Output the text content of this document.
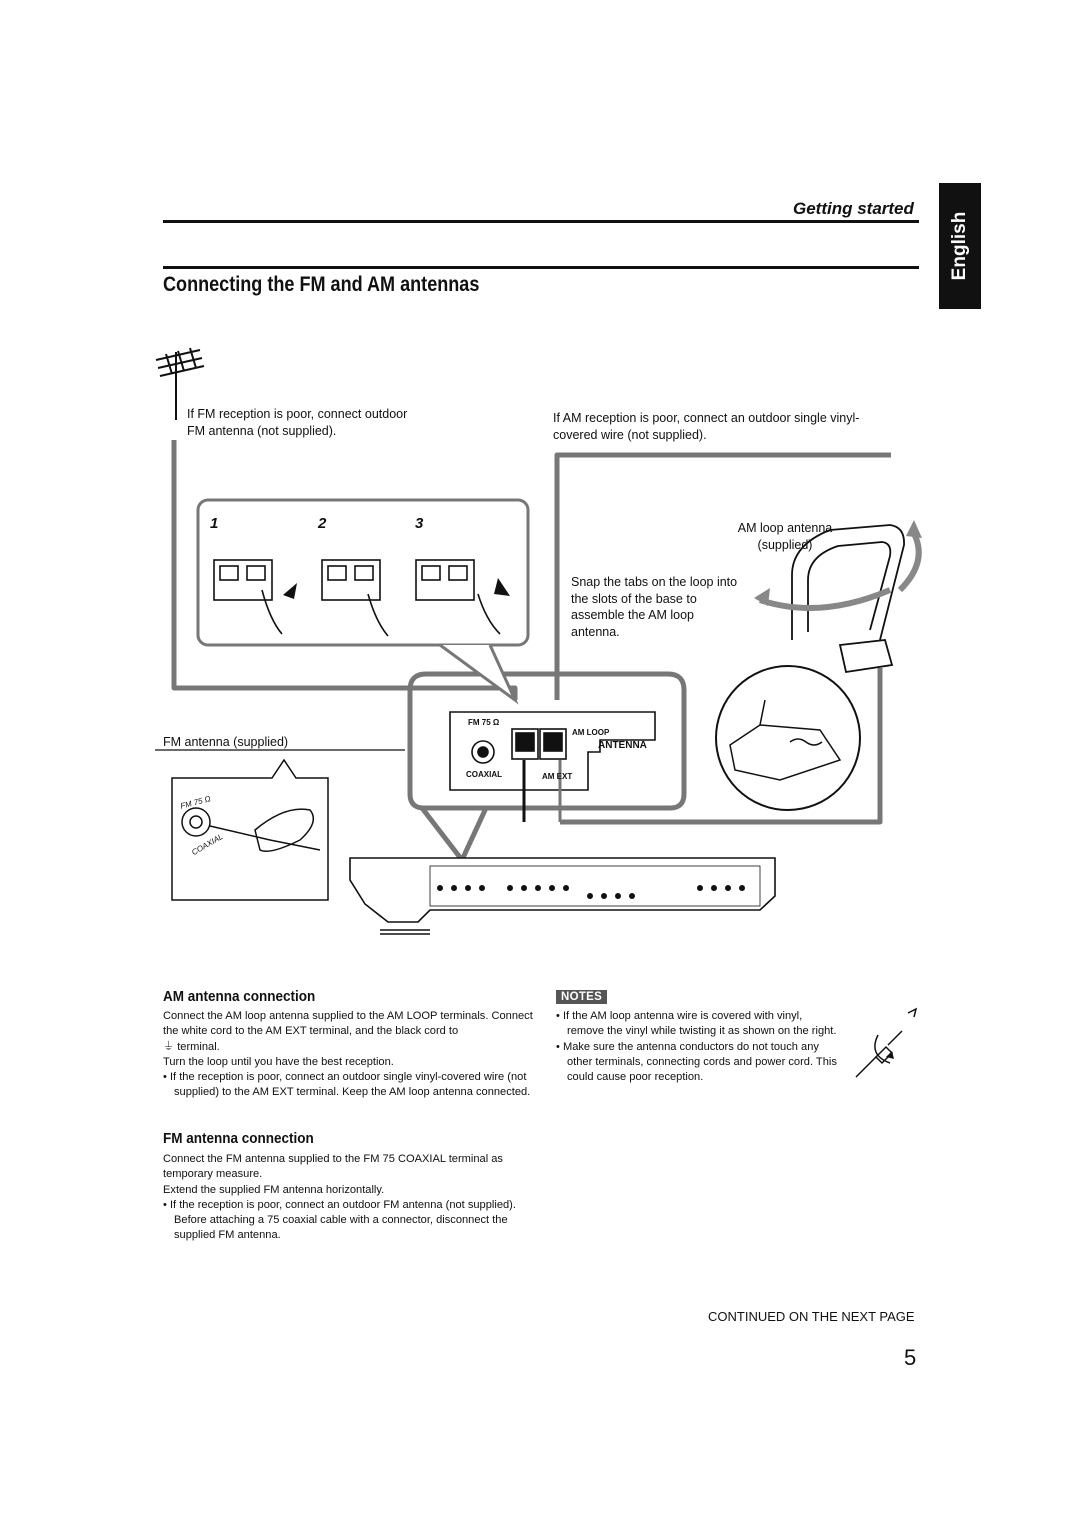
Getting started
English
Connecting the FM and AM antennas
If FM reception is poor, connect outdoor FM antenna (not supplied).
If AM reception is poor, connect an outdoor single vinyl-covered wire (not supplied).
1	2	3	AM loop antenna (supplied)
Snap the tabs on the loop into the slots of the base to assemble the AM loop antenna.
FM antenna (supplied)
FM 75 Ω
COAXIAL
AM LOOP
ANTENNA
AM EXT
FM 75 Ω
COAXIAL
AM antenna connection
Connect the AM loop antenna supplied to the AM LOOP terminals. Connect the white cord to the AM EXT terminal, and the black cord to
⏚ terminal.
Turn the loop until you have the best reception.
• If the reception is poor, connect an outdoor single vinyl-covered wire (not supplied) to the AM EXT terminal. Keep the AM loop antenna connected.
FM antenna connection
Connect the FM antenna supplied to the FM 75 COAXIAL terminal as temporary measure.
Extend the supplied FM antenna horizontally.
• If the reception is poor, connect an outdoor FM antenna (not supplied). Before attaching a 75 coaxial cable with a connector, disconnect the supplied FM antenna.
NOTES
• If the AM loop antenna wire is covered with vinyl, remove the vinyl while twisting it as shown on the right.
• Make sure the antenna conductors do not touch any other terminals, connecting cords and power cord. This could cause poor reception.
CONTINUED ON THE NEXT PAGE
5
